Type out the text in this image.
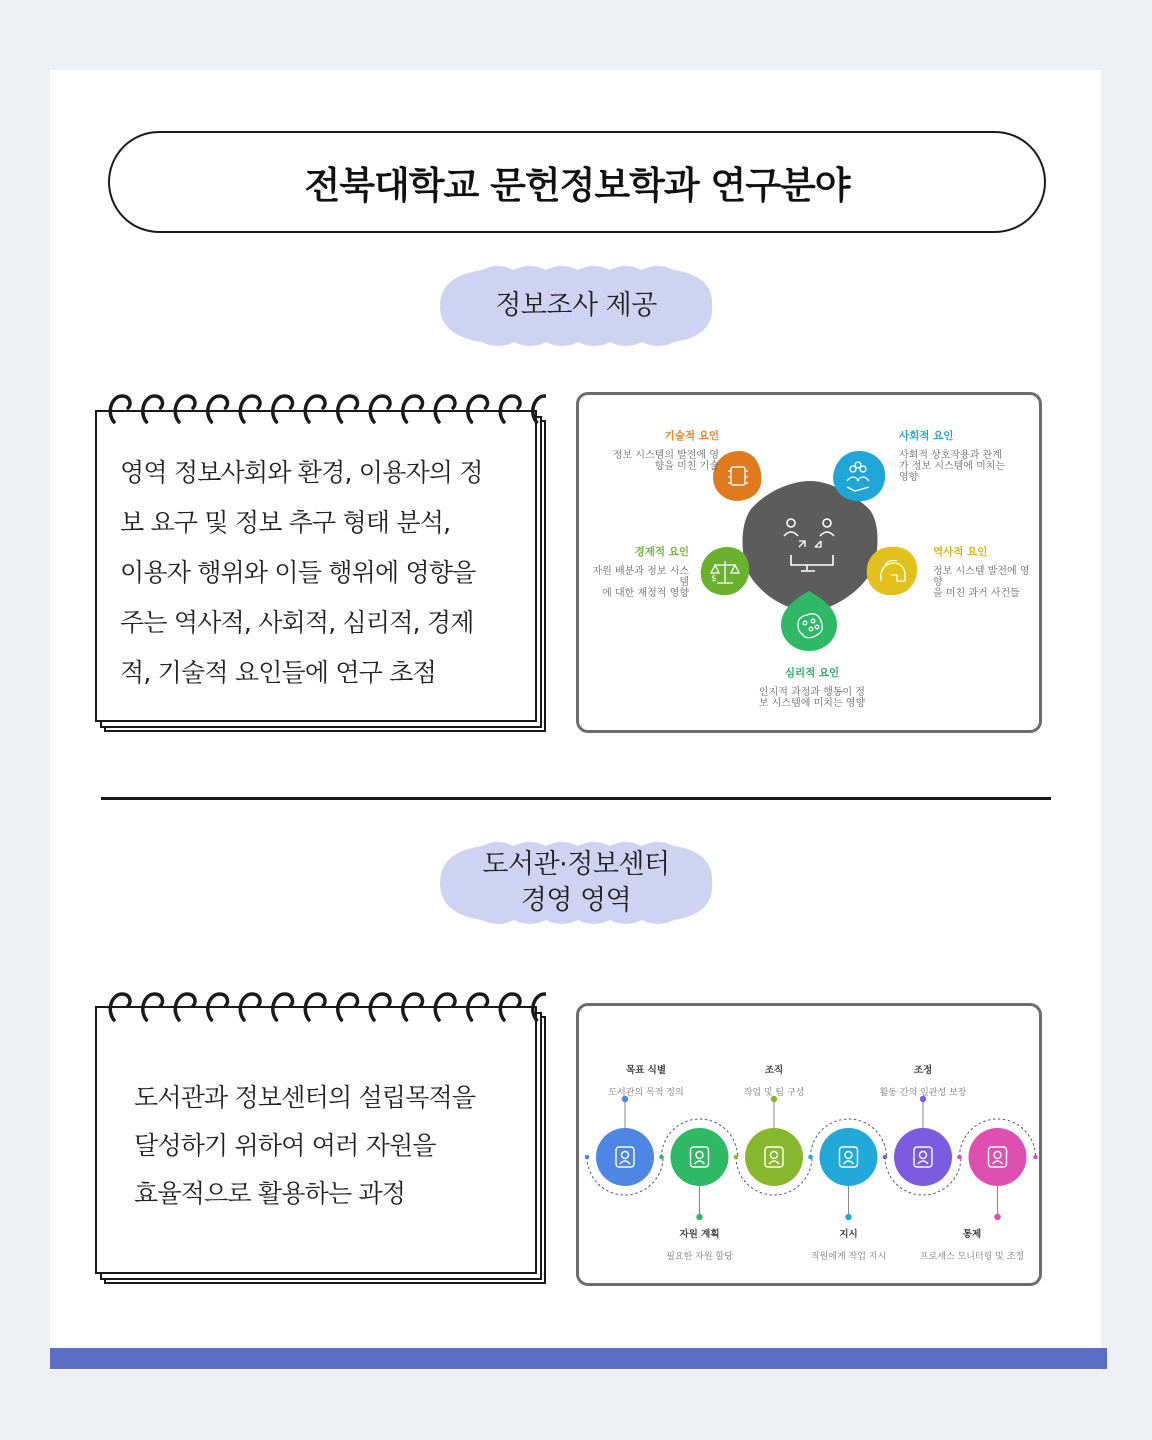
전북대학교 문헌정보학과 연구분야
정보조사 제공
영역 정보사회와 환경, 이용자의 정
보 요구 및 정보 추구 형태 분석,
이용자 행위와 이들 행위에 영향을
주는 역사적, 사회적, 심리적, 경제
적, 기술적 요인들에 연구 초점
$
기술적 요인
정보 시스템의 발전에 영
향을 미친 기술
사회적 요인
사회적 상호작용과 관계
가 정보 시스템에 미치는
영향
경제적 요인
자원 배분과 정보 시스템
에 대한 재정적 영향
역사적 요인
정보 시스템 발전에 영향
을 미친 과거 사건들
심리적 요인
인지적 과정과 행동이 정
보 시스템에 미치는 영향
도서관·정보센터
경영 영역
도서관과 정보센터의 설립목적을
달성하기 위하여 여러 자원을
효율적으로 활용하는 과정
목표 식별
도서관의 목적 정의
자원 계획
필요한 자원 할당
조직
작업 및 팀 구성
지시
직원에게 작업 지시
조정
활동 간의 일관성 보장
통제
프로세스 모니터링 및 조정
